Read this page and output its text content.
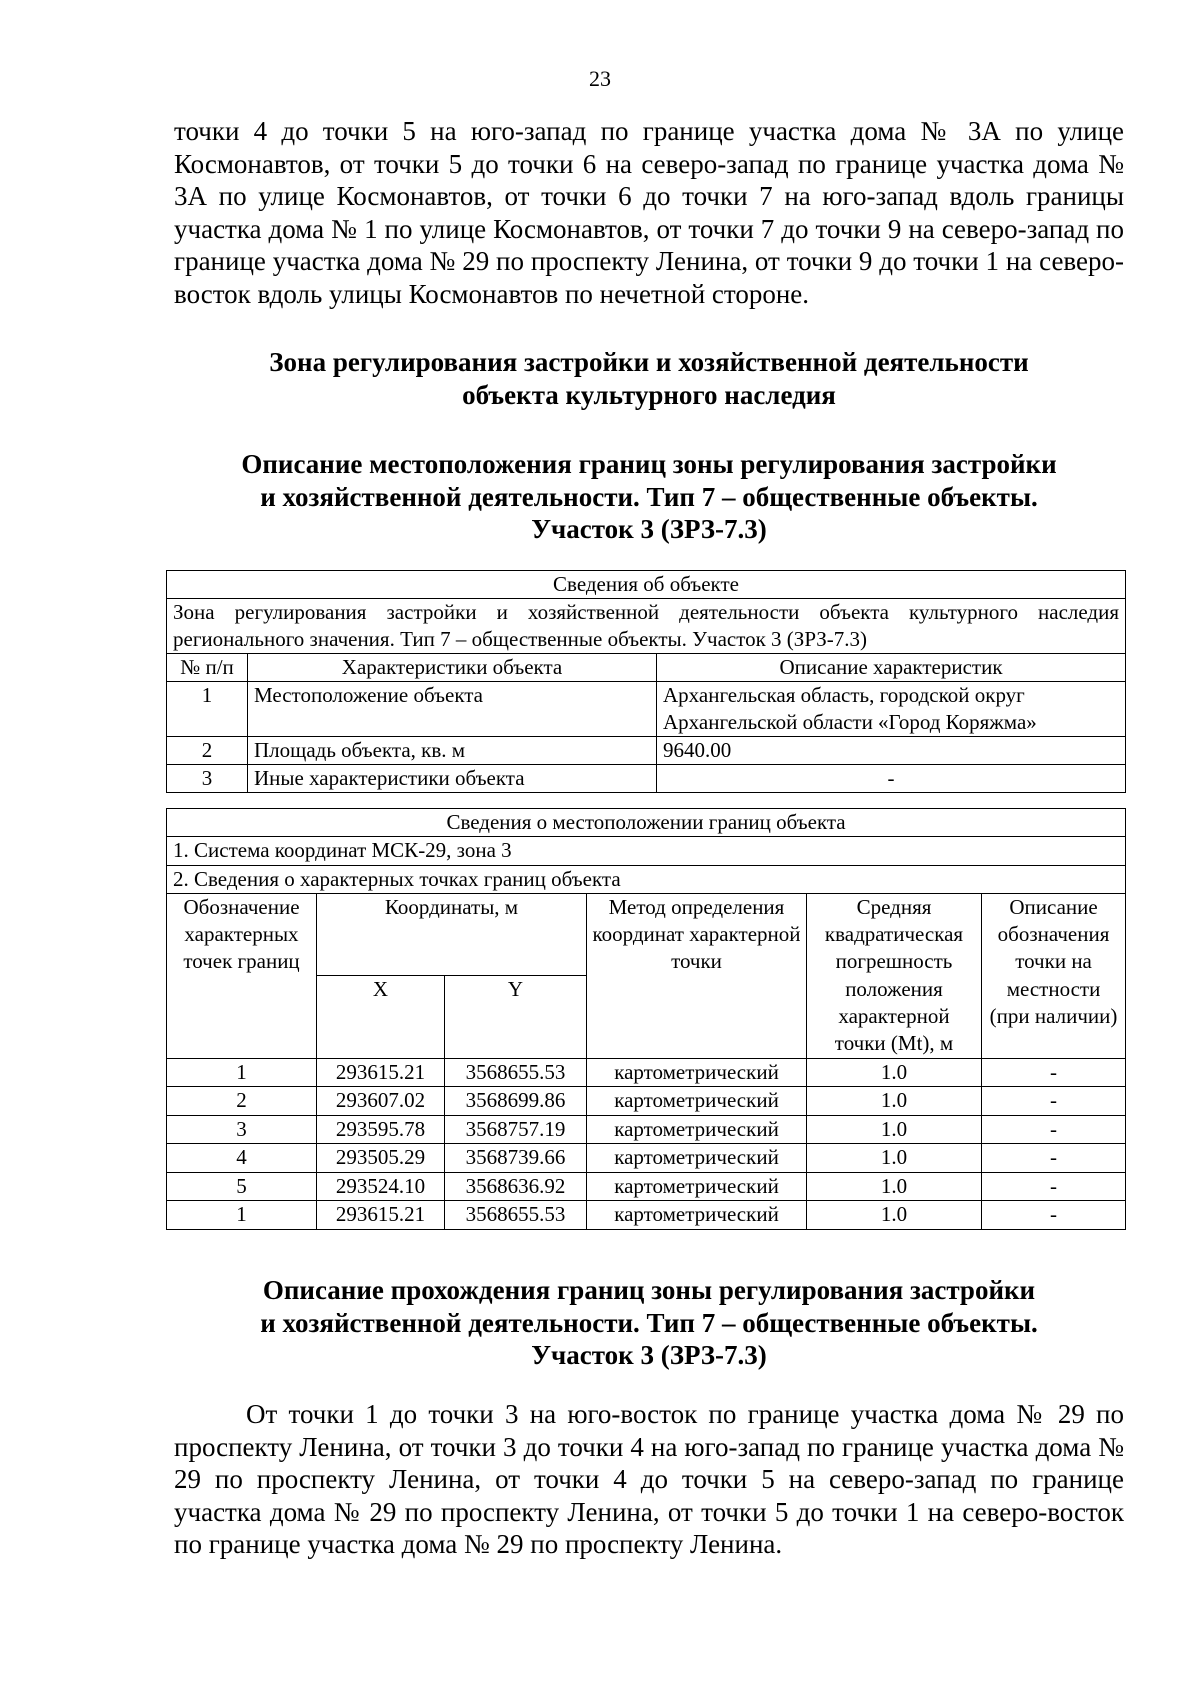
23

точки 4 до точки 5 на юго-запад по границе участка дома № 3А по улице Космонавтов, от точки 5 до точки 6 на северо-запад по границе участка дома № 3А по улице Космонавтов, от точки 6 до точки 7 на юго-запад вдоль границы участка дома № 1 по улице Космонавтов, от точки 7 до точки 9 на северо-запад по границе участка дома № 29 по проспекту Ленина, от точки 9 до точки 1 на северо-восток вдоль улицы Космонавтов по нечетной стороне.

Зона регулирования застройки и хозяйственной деятельности
объекта культурного наследия
Описание местоположения границ зоны регулирования застройки
и хозяйственной деятельности. Тип 7 – общественные объекты.
Участок 3 (ЗРЗ-7.3)
Сведения об объекте		
Зона регулирования застройки и хозяйственной деятельности объекта культурного наследия регионального значения. Тип 7 – общественные объекты. Участок 3 (ЗРЗ-7.3)		
№ п/п	Характеристики объекта	Описание характеристик
1	Местоположение объекта	Архангельская область, городской округ Архангельской области «Город Коряжма»
2	Площадь объекта, кв. м	9640.00
3	Иные характеристики объекта	-
Сведения о местоположении границ объекта					
1. Система координат МСК-29, зона 3					
2. Сведения о характерных точках границ объекта					
Обозначение характерных точек границ	Координаты, м		Метод определения координат характерной точки	Средняя квадратическая погрешность положения характерной точки (Mt), м	Описание обозначения точки на местности (при наличии)
	X	Y			
1	293615.21	3568655.53	картометрический	1.0	-
2	293607.02	3568699.86	картометрический	1.0	-
3	293595.78	3568757.19	картометрический	1.0	-
4	293505.29	3568739.66	картометрический	1.0	-
5	293524.10	3568636.92	картометрический	1.0	-
1	293615.21	3568655.53	картометрический	1.0	-
Описание прохождения границ зоны регулирования застройки
и хозяйственной деятельности. Тип 7 – общественные объекты.
Участок 3 (ЗРЗ-7.3)

От точки 1 до точки 3 на юго-восток по границе участка дома № 29 по проспекту Ленина, от точки 3 до точки 4 на юго-запад по границе участка дома № 29 по проспекту Ленина, от точки 4 до точки 5 на северо-запад по границе участка дома № 29 по проспекту Ленина, от точки 5 до точки 1 на северо-восток по границе участка дома № 29 по проспекту Ленина.
